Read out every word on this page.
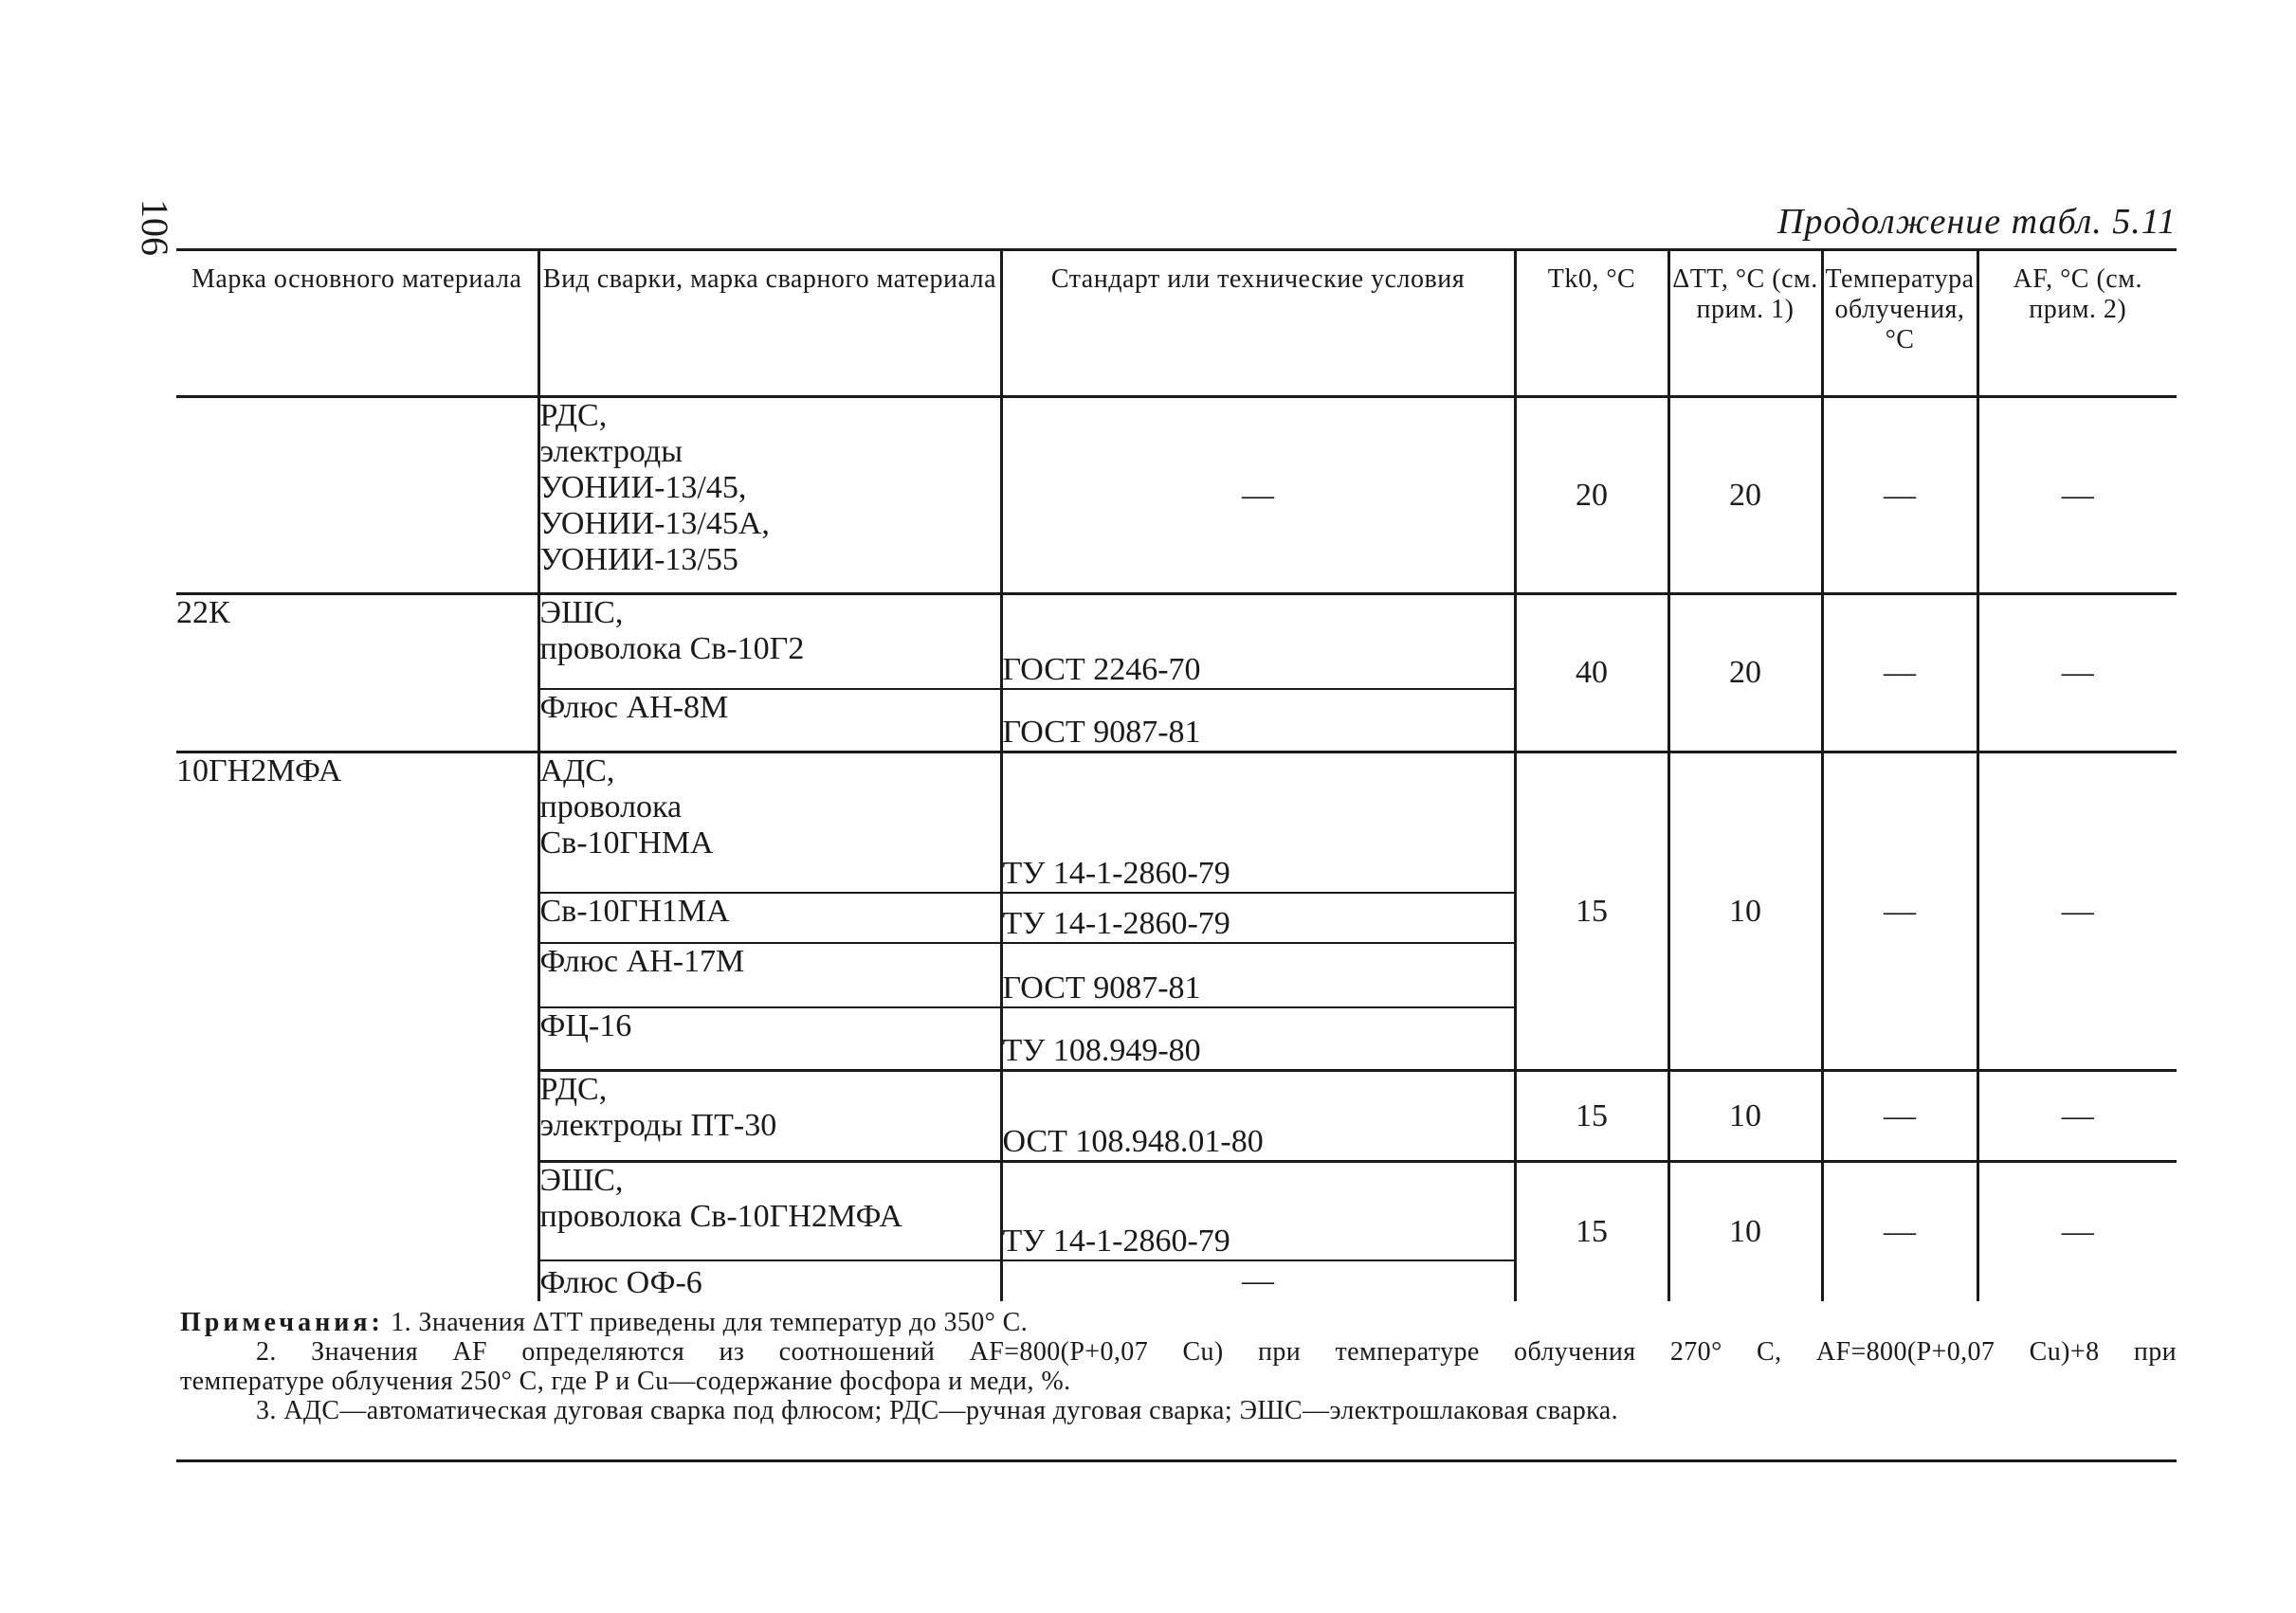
106	Продолжение табл. 5.11
Марка основного материала	Вид сварки, марка сварного материала	Стандарт или технические условия	Tk0, °C	ΔTT, °C (см. прим. 1)	Температура облучения, °C	AF, °C (см. прим. 2)

	РДС,
электроды
УОНИИ-13/45,
УОНИИ-13/45А,
УОНИИ-13/55	—	20	20	—	—
22К	ЭШС,
проволока Св-10Г2	ГОСТ 2246-70	40	20	—	—
	Флюс АН-8М	ГОСТ 9087-81				
10ГН2МФА	АДС,
проволока
Св-10ГНМА	ТУ 14-1-2860-79	15	10	—	—
	Св-10ГН1МА	ТУ 14-1-2860-79				
	Флюс АН-17М	ГОСТ 9087-81				
	ФЦ-16	ТУ 108.949-80				

	РДС,
электроды ПТ-30	ОСТ 108.948.01-80	15	10	—	—

	ЭШС,
проволока Св-10ГН2МФА	ТУ 14-1-2860-79	15	10	—	—
	Флюс ОФ-6	—				
Примечания: 1. Значения ΔTT приведены для температур до 350° С.
2. Значения AF определяются из соотношений AF=800(P+0,07 Cu) при температуре облучения 270° С, AF=800(P+0,07 Cu)+8 при
температуре облучения 250° С, где P и Cu—содержание фосфора и меди, %.
3. АДС—автоматическая дуговая сварка под флюсом; РДС—ручная дуговая сварка; ЭШС—электрошлаковая сварка.
